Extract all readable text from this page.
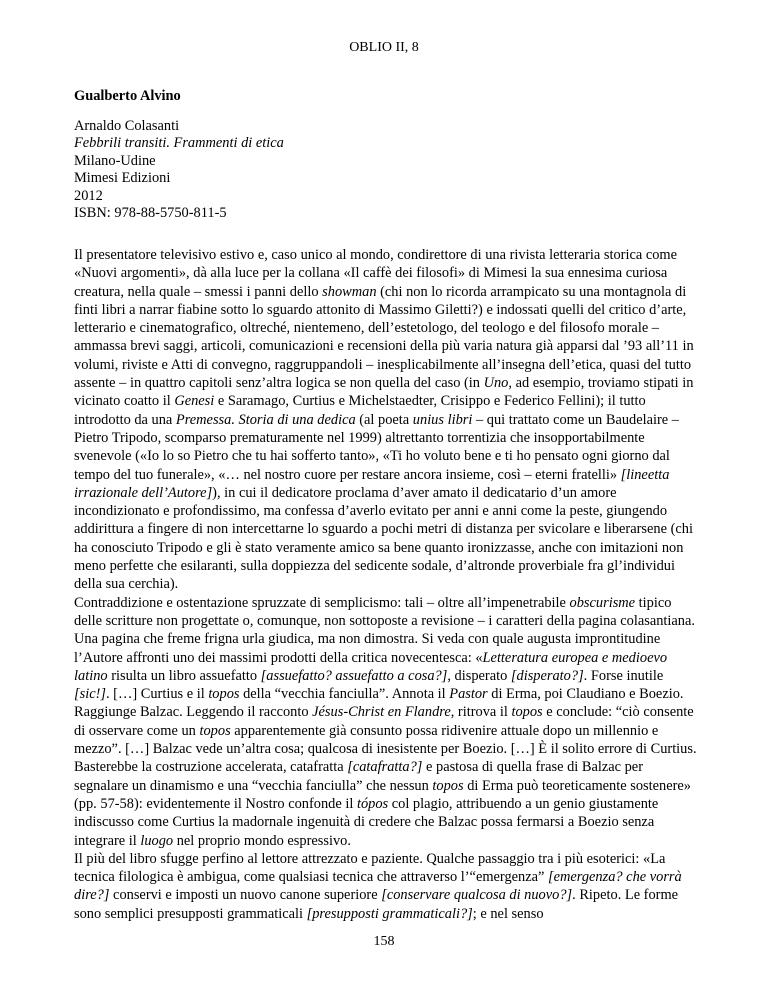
OBLIO II, 8
Gualberto Alvino
Arnaldo Colasanti
Febbrili transiti. Frammenti di etica
Milano-Udine
Mimesi Edizioni
2012
ISBN: 978-88-5750-811-5

Il presentatore televisivo estivo e, caso unico al mondo, condirettore di una rivista letteraria storica come «Nuovi argomenti», dà alla luce per la collana «Il caffè dei filosofi» di Mimesi la sua ennesima curiosa creatura, nella quale – smessi i panni dello showman (chi non lo ricorda arrampicato su una montagnola di finti libri a narrar fiabine sotto lo sguardo attonito di Massimo Giletti?) e indossati quelli del critico d’arte, letterario e cinematografico, oltreché, nientemeno, dell’estetologo, del teologo e del filosofo morale – ammassa brevi saggi, articoli, comunicazioni e recensioni della più varia natura già apparsi dal ’93 all’11 in volumi, riviste e Atti di convegno, raggruppandoli – inesplicabilmente all’insegna dell’etica, quasi del tutto assente – in quattro capitoli senz’altra logica se non quella del caso (in Uno, ad esempio, troviamo stipati in vicinato coatto il Genesi e Saramago, Curtius e Michelstaedter, Crisippo e Federico Fellini); il tutto introdotto da una Premessa. Storia di una dedica (al poeta unius libri – qui trattato come un Baudelaire – Pietro Tripodo, scomparso prematuramente nel 1999) altrettanto torrentizia che insopportabilmente svenevole («Io lo so Pietro che tu hai sofferto tanto», «Ti ho voluto bene e ti ho pensato ogni giorno dal tempo del tuo funerale», «… nel nostro cuore per restare ancora insieme, così – eterni fratelli» [lineetta irrazionale dell’Autore]), in cui il dedicatore proclama d’aver amato il dedicatario d’un amore incondizionato e profondissimo, ma confessa d’averlo evitato per anni e anni come la peste, giungendo addirittura a fingere di non intercettarne lo sguardo a pochi metri di distanza per svicolare e liberarsene (chi ha conosciuto Tripodo e gli è stato veramente amico sa bene quanto ironizzasse, anche con imitazioni non meno perfette che esilaranti, sulla doppiezza del sedicente sodale, d’altronde proverbiale fra gl’individui della sua cerchia).

Contraddizione e ostentazione spruzzate di semplicismo: tali – oltre all’impenetrabile obscurisme tipico delle scritture non progettate o, comunque, non sottoposte a revisione – i caratteri della pagina colasantiana. Una pagina che freme frigna urla giudica, ma non dimostra. Si veda con quale augusta improntitudine l’Autore affronti uno dei massimi prodotti della critica novecentesca: «Letteratura europea e medioevo latino risulta un libro assuefatto [assuefatto? assuefatto a cosa?], disperato [disperato?]. Forse inutile [sic!]. […] Curtius e il topos della “vecchia fanciulla”. Annota il Pastor di Erma, poi Claudiano e Boezio. Raggiunge Balzac. Leggendo il racconto Jésus-Christ en Flandre, ritrova il topos e conclude: “ciò consente di osservare come un topos apparentemente già consunto possa ridivenire attuale dopo un millennio e mezzo”. […] Balzac vede un’altra cosa; qualcosa di inesistente per Boezio. […] È il solito errore di Curtius. Basterebbe la costruzione accelerata, catafratta [catafratta?] e pastosa di quella frase di Balzac per segnalare un dinamismo e una “vecchia fanciulla” che nessun topos di Erma può teoreticamente sostenere» (pp. 57-58): evidentemente il Nostro confonde il tópos col plagio, attribuendo a un genio giustamente indiscusso come Curtius la madornale ingenuità di credere che Balzac possa fermarsi a Boezio senza integrare il luogo nel proprio mondo espressivo.

Il più del libro sfugge perfino al lettore attrezzato e paziente. Qualche passaggio tra i più esoterici: «La tecnica filologica è ambigua, come qualsiasi tecnica che attraverso l’“emergenza” [emergenza? che vorrà dire?] conservi e imposti un nuovo canone superiore [conservare qualcosa di nuovo?]. Ripeto. Le forme sono semplici presupposti grammaticali [presupposti grammaticali?]; e nel senso

158
